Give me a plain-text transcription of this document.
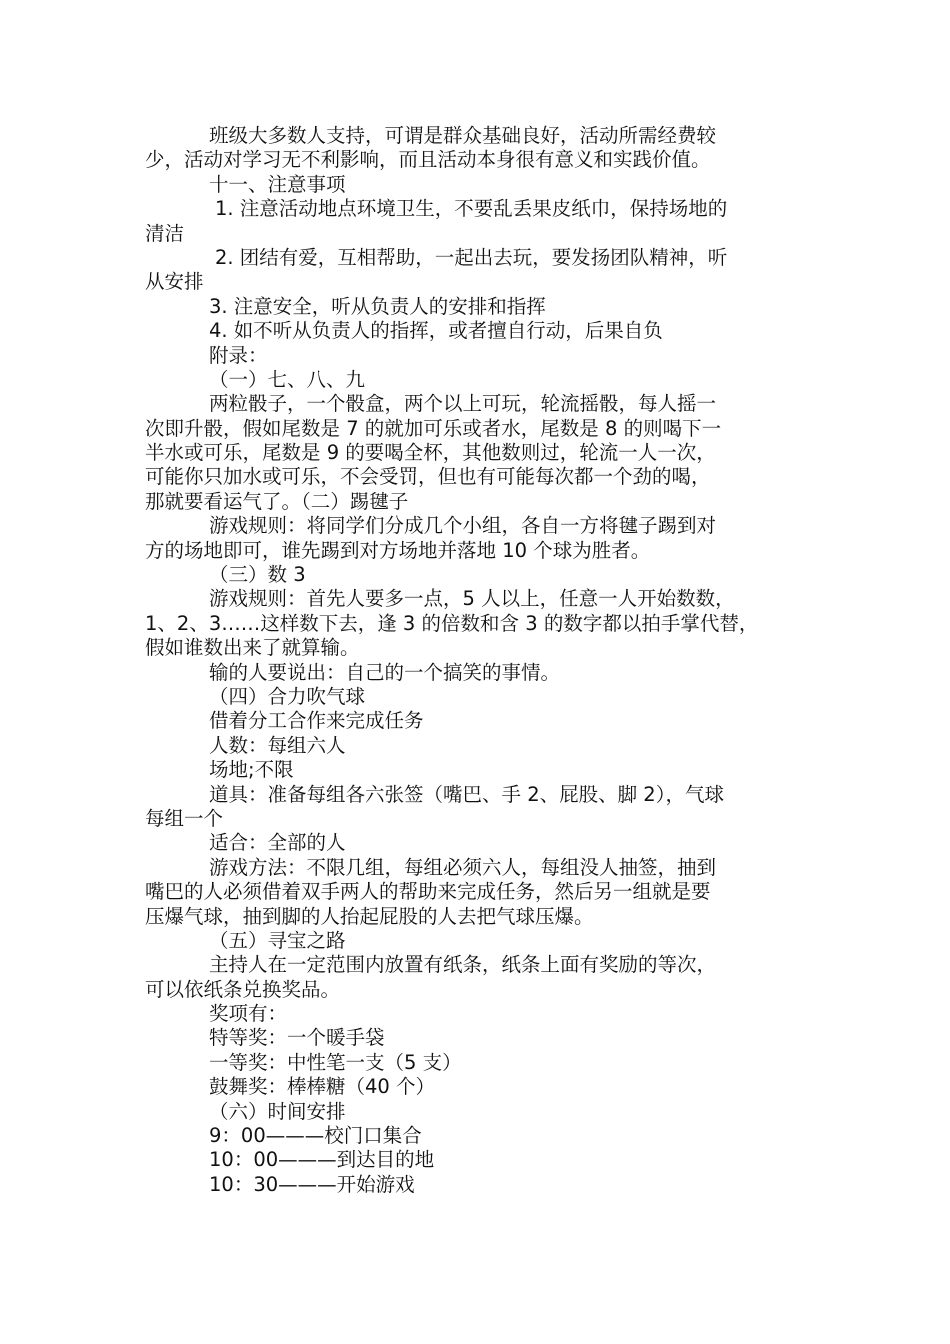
班级大多数人支持，可谓是群众基础良好，活动所需经费较
少，活动对学习无不利影响，而且活动本身很有意义和实践价值。
十一、注意事项
1. 注意活动地点环境卫生，不要乱丢果皮纸巾，保持场地的
清洁
2. 团结有爱，互相帮助，一起出去玩，要发扬团队精神，听
从安排
3. 注意安全，听从负责人的安排和指挥
4. 如不听从负责人的指挥，或者擅自行动，后果自负
附录：
（一）七、八、九
两粒骰子，一个骰盒，两个以上可玩，轮流摇骰，每人摇一
次即升骰，假如尾数是 7 的就加可乐或者水，尾数是 8 的则喝下一
半水或可乐，尾数是 9 的要喝全杯，其他数则过，轮流一人一次，
可能你只加水或可乐，不会受罚，但也有可能每次都一个劲的喝，
那就要看运气了。（二）踢毽子
游戏规则：将同学们分成几个小组，各自一方将毽子踢到对
方的场地即可，谁先踢到对方场地并落地 10 个球为胜者。
（三）数 3
游戏规则：首先人要多一点，5 人以上，任意一人开始数数，
1、2、3……这样数下去，逢 3 的倍数和含 3 的数字都以拍手掌代替，
假如谁数出来了就算输。
输的人要说出：自己的一个搞笑的事情。
（四）合力吹气球
借着分工合作来完成任务
人数：每组六人
场地;不限
道具：准备每组各六张签（嘴巴、手 2、屁股、脚 2），气球
每组一个
适合：全部的人
游戏方法：不限几组，每组必须六人，每组没人抽签，抽到
嘴巴的人必须借着双手两人的帮助来完成任务，然后另一组就是要
压爆气球，抽到脚的人抬起屁股的人去把气球压爆。
（五）寻宝之路
主持人在一定范围内放置有纸条，纸条上面有奖励的等次，
可以依纸条兑换奖品。
奖项有：
特等奖：一个暖手袋
一等奖：中性笔一支（5 支）
鼓舞奖：棒棒糖（40 个）
（六）时间安排
9：00———校门口集合
10：00———到达目的地
10：30———开始游戏
